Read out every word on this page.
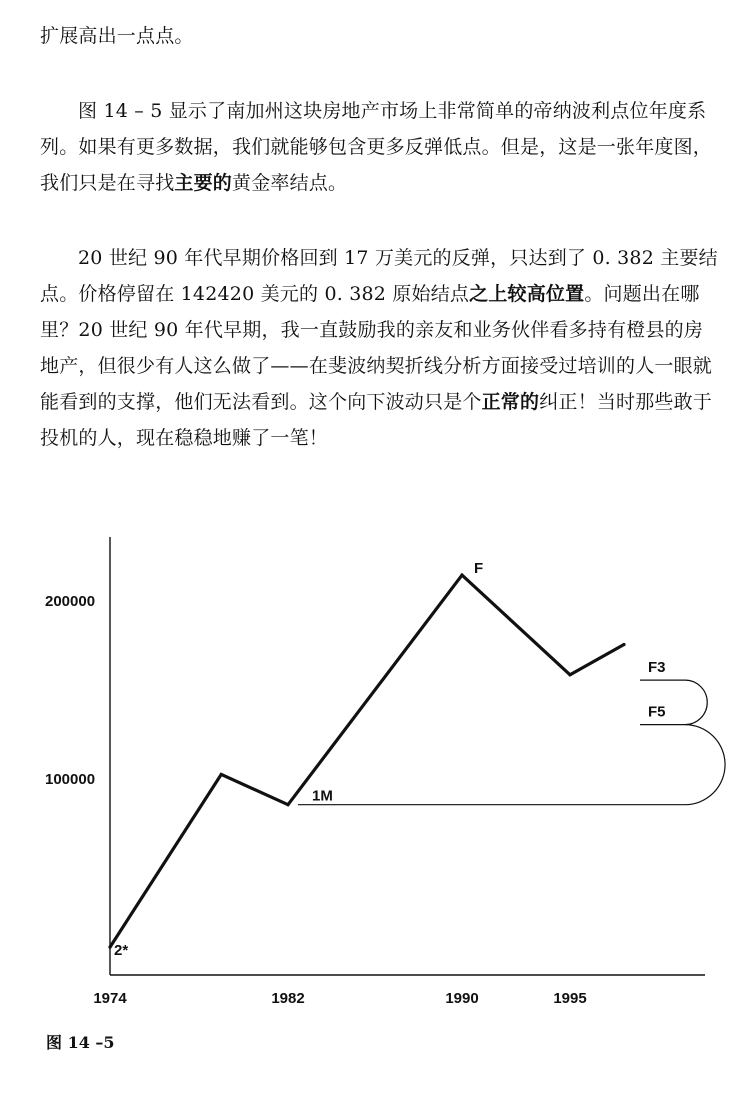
扩展高出一点点。

图 14 – 5 显示了南加州这块房地产市场上非常简单的帝纳波利点位年度系列。如果有更多数据，我们就能够包含更多反弹低点。但是，这是一张年度图，我们只是在寻找主要的黄金率结点。

20 世纪 90 年代早期价格回到 17 万美元的反弹，只达到了 0. 382 主要结点。价格停留在 142420 美元的 0. 382 原始结点之上较高位置。问题出在哪里？20 世纪 90 年代早期，我一直鼓励我的亲友和业务伙伴看多持有橙县的房地产，但很少有人这么做了——在斐波纳契折线分析方面接受过培训的人一眼就能看到的支撑，他们无法看到。这个向下波动只是个正常的纠正！当时那些敢于投机的人，现在稳稳地赚了一笔！

1974	1982	1990	1995
200000
100000
1M
F5
F3
F
2*
图 14 –5
